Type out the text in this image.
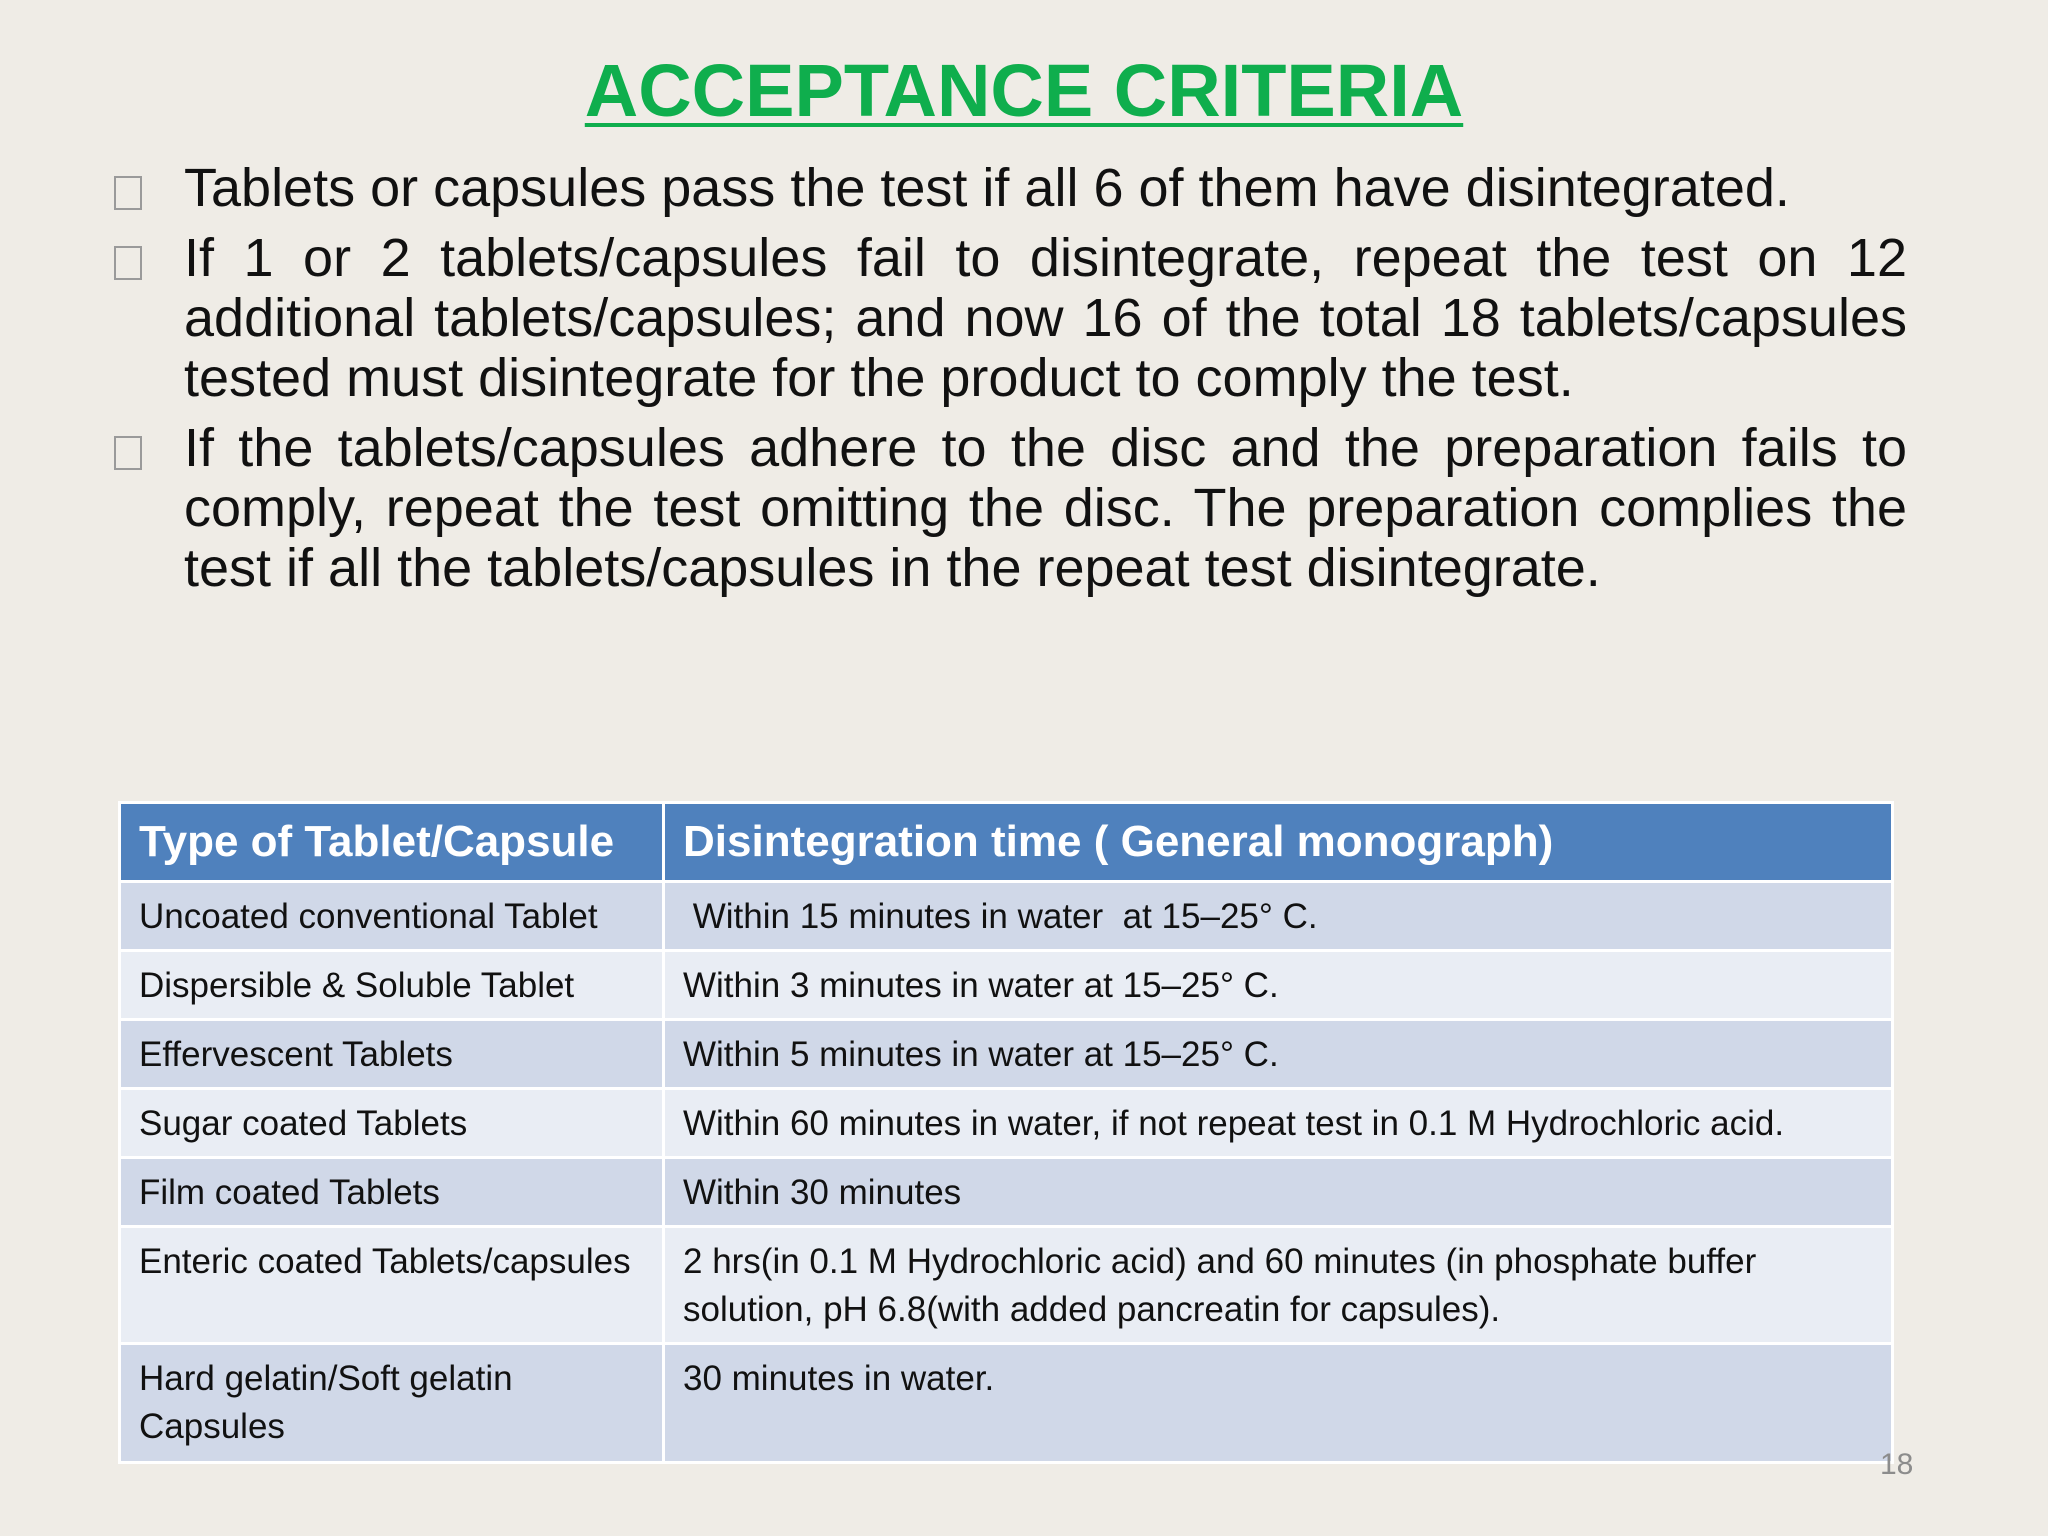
ACCEPTANCE CRITERIA
Tablets or capsules pass the test if all 6 of them have disintegrated.
If 1 or 2 tablets/capsules fail to disintegrate, repeat the test on 12 additional tablets/capsules; and now 16 of the total 18 tablets/capsules tested must disintegrate for the product to comply the test.
If the tablets/capsules adhere to the disc and the preparation fails to comply, repeat the test omitting the disc. The preparation complies the test if all the tablets/capsules in the repeat test disintegrate.
Type of Tablet/Capsule	Disintegration time ( General monograph)
Uncoated conventional Tablet	Within 15 minutes in water  at 15–25° C.
Dispersible & Soluble Tablet	Within 3 minutes in water at 15–25° C.
Effervescent Tablets	Within 5 minutes in water at 15–25° C.
Sugar coated Tablets	Within 60 minutes in water, if not repeat test in 0.1 M Hydrochloric acid.
Film coated Tablets	Within 30 minutes
Enteric coated Tablets/capsules	2 hrs(in 0.1 M Hydrochloric acid) and 60 minutes (in phosphate buffer solution, pH 6.8(with added pancreatin for capsules).
Hard gelatin/Soft gelatin Capsules	30 minutes in water.
18
